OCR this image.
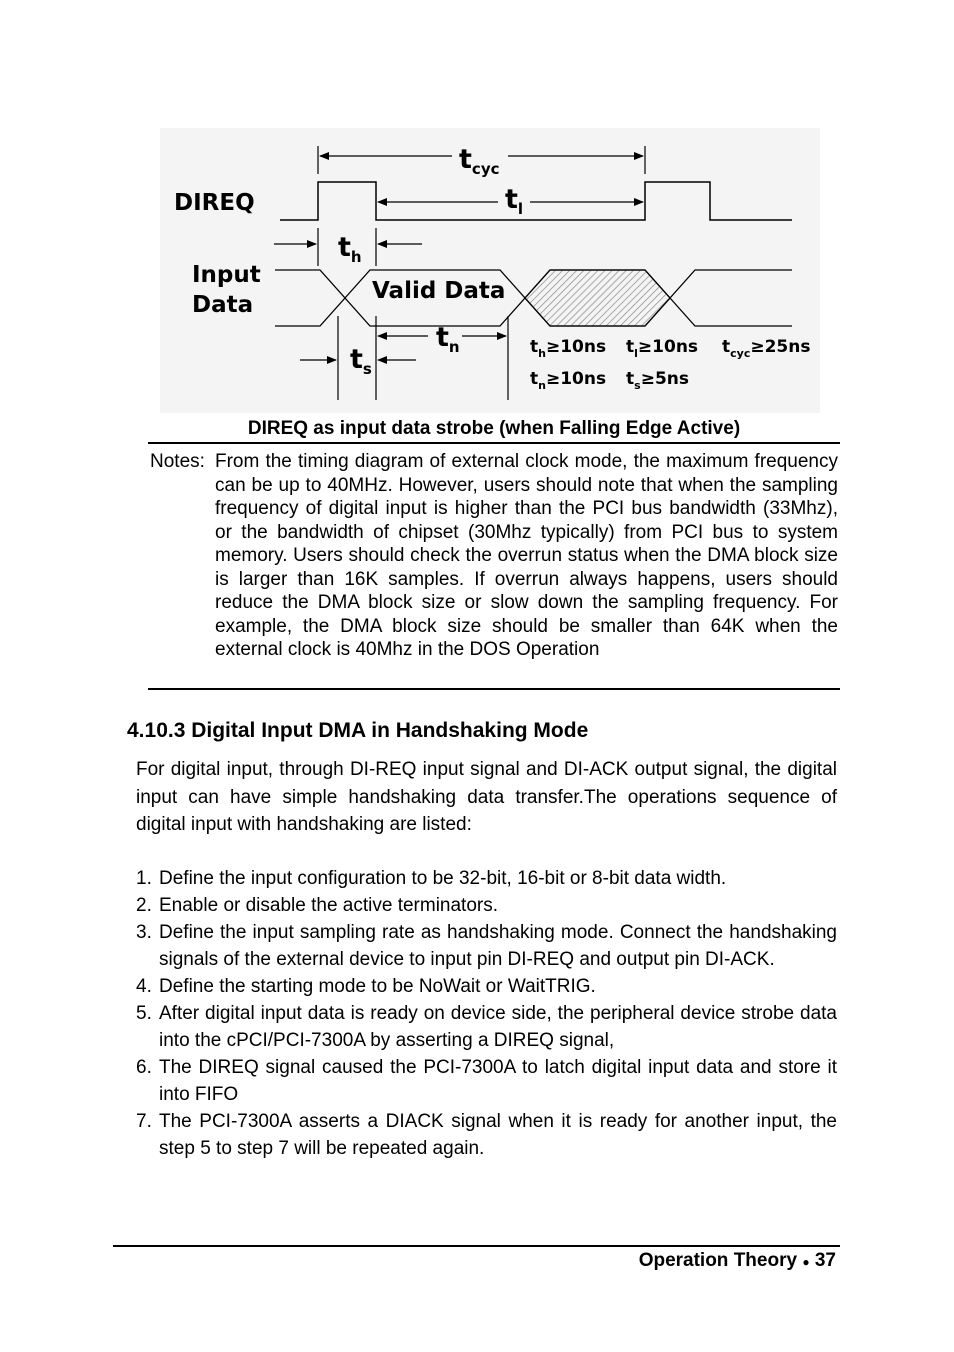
DIREQ
Input
Data
Valid Data
tcyc
tl
th
tn
ts
$t_h\ge 10ns$ $t_l\ge 10ns$ $t_{cyc}\ge 25ns$
$t_n\ge 10ns$ $t_s\ge 5ns$
DIREQ as input data strobe (when Falling Edge Active)
Notes: From the timing diagram of external clock mode, the maximum frequency can be up to 40MHz. However, users should note that when the sampling frequency of digital input is higher than the PCI bus bandwidth (33Mhz), or the bandwidth of chipset (30Mhz typically) from PCI bus to system memory. Users should check the overrun status when the DMA block size is larger than 16K samples. If overrun always happens, users should reduce the DMA block size or slow down the sampling frequency. For example, the DMA block size should be smaller than 64K when the external clock is 40Mhz in the DOS Operation
4.10.3 Digital Input DMA in Handshaking Mode
For digital input, through DI-REQ input signal and DI-ACK output signal, the digital input can have simple handshaking data transfer.The operations sequence of digital input with handshaking are listed:
1. Define the input configuration to be 32-bit, 16-bit or 8-bit data width.
2. Enable or disable the active terminators.
3. Define the input sampling rate as handshaking mode. Connect the handshaking signals of the external device to input pin DI-REQ and output pin DI-ACK.
4. Define the starting mode to be NoWait or WaitTRIG.
5. After digital input data is ready on device side, the peripheral device strobe data into the cPCI/PCI-7300A by asserting a DIREQ signal,
6. The DIREQ signal caused the PCI-7300A to latch digital input data and store it into FIFO
7. The PCI-7300A asserts a DIACK signal when it is ready for another input, the step 5 to step 7 will be repeated again.
Operation Theory ● 37
